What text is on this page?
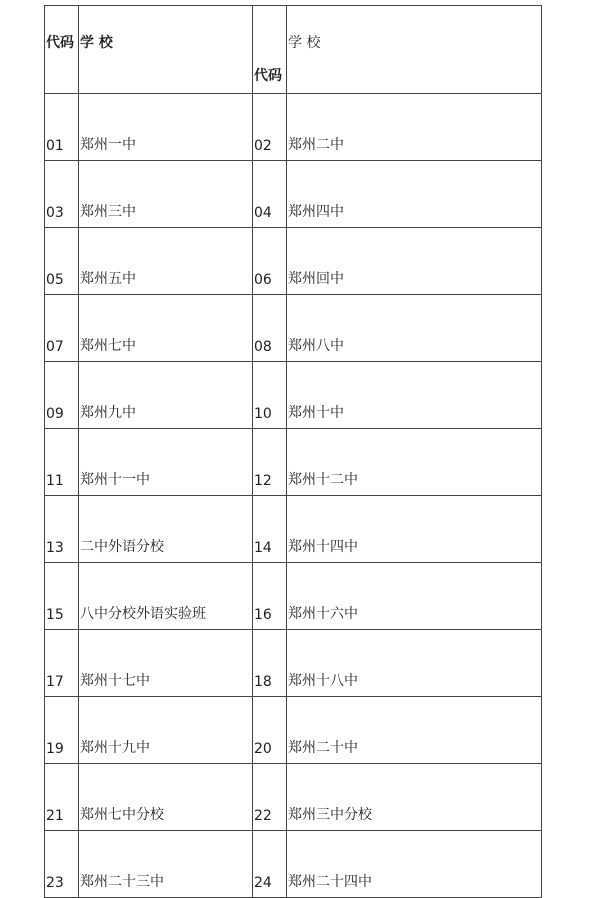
代码	学 校	代码	学 校
01	郑州一中	02	郑州二中
03	郑州三中	04	郑州四中
05	郑州五中	06	郑州回中
07	郑州七中	08	郑州八中
09	郑州九中	10	郑州十中
11	郑州十一中	12	郑州十二中
13	二中外语分校	14	郑州十四中
15	八中分校外语实验班	16	郑州十六中
17	郑州十七中	18	郑州十八中
19	郑州十九中	20	郑州二十中
21	郑州七中分校	22	郑州三中分校
23	郑州二十三中	24	郑州二十四中
